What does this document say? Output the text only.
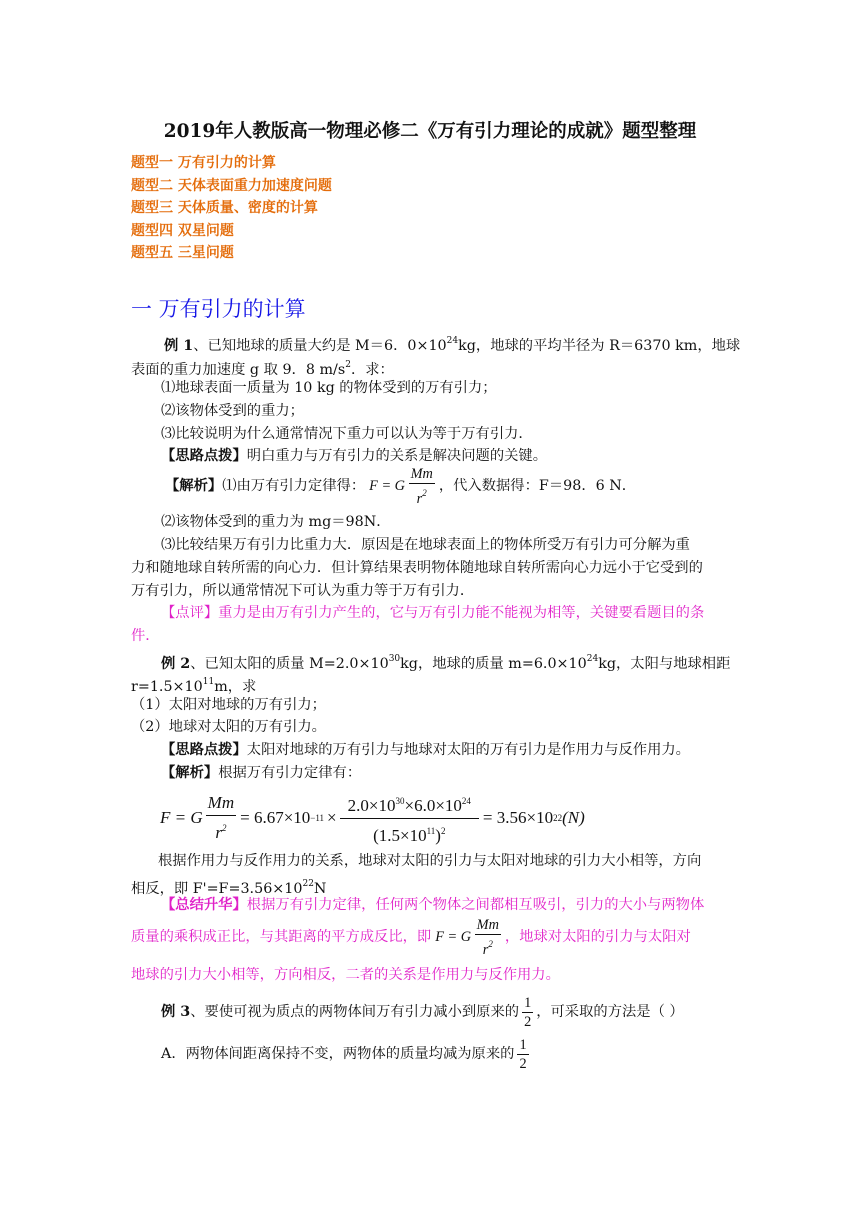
2019年人教版高一物理必修二《万有引力理论的成就》题型整理
题型一 万有引力的计算
题型二 天体表面重力加速度问题
题型三 天体质量、密度的计算
题型四 双星问题
题型五 三星问题
一 万有引力的计算
例 1、已知地球的质量大约是 M＝6．$0\times 10^{24}kg$，地球的平均半径为 R＝6370 km，地球
表面的重力加速度 g 取 9．8 $m/s^2$．求：
⑴地球表面一质量为 10 kg 的物体受到的万有引力；
⑵该物体受到的重力；
⑶比较说明为什么通常情况下重力可以认为等于万有引力．
【思路点拨】明白重力与万有引力的关系是解决问题的关键。
【解析】 ⑴由万有引力定律得： F = G $\frac{Mm}{r^2}$ ，代入数据得：F＝98．6 N．
⑵该物体受到的重力为 mg＝98N．
⑶比较结果万有引力比重力大．原因是在地球表面上的物体所受万有引力可分解为重
力和随地球自转所需的向心力．但计算结果表明物体随地球自转所需向心力远小于它受到的
万有引力，所以通常情况下可认为重力等于万有引力．
【点评】重力是由万有引力产生的，它与万有引力能不能视为相等，关键要看题目的条
件．
例 2、已知太阳的质量 $M=2.0\times 10^{30}kg$，地球的质量 $m=6.0\times 10^{24}kg$，太阳与地球相距
$r=1.5\times 10^{11}m$，求
（1）太阳对地球的万有引力；
（2）地球对太阳的万有引力。
【思路点拨】太阳对地球的万有引力与地球对太阳的万有引力是作用力与反作用力。
【解析】根据万有引力定律有：
F = G $\frac{Mm}{r^2} = 6.67\times 10 -11 \times \frac{2.0\times 10^{30}\times 6.0\times 10^{24}}{(1.5\times 10^{11})^2} = 3.56\times 10$ 22 (N)
根据作用力与反作用力的关系，地球对太阳的引力与太阳对地球的引力大小相等，方向
相反，即 $F'=F=3.56\times 10^{22}N$
【总结升华】根据万有引力定律，任何两个物体之间都相互吸引，引力的大小与两物体
质量的乘积成正比，与其距离的平方成反比，即 F = G $\frac{Mm}{r^2}$ ，地球对太阳的引力与太阳对
地球的引力大小相等，方向相反，二者的关系是作用力与反作用力。
例 3 、要使可视为质点的两物体间万有引力减小到原来的 $\frac{1}{2}$ ，可采取的方法是（ ）
A．两物体间距离保持不变，两物体的质量均减为原来的 $\frac{1}{2}$
